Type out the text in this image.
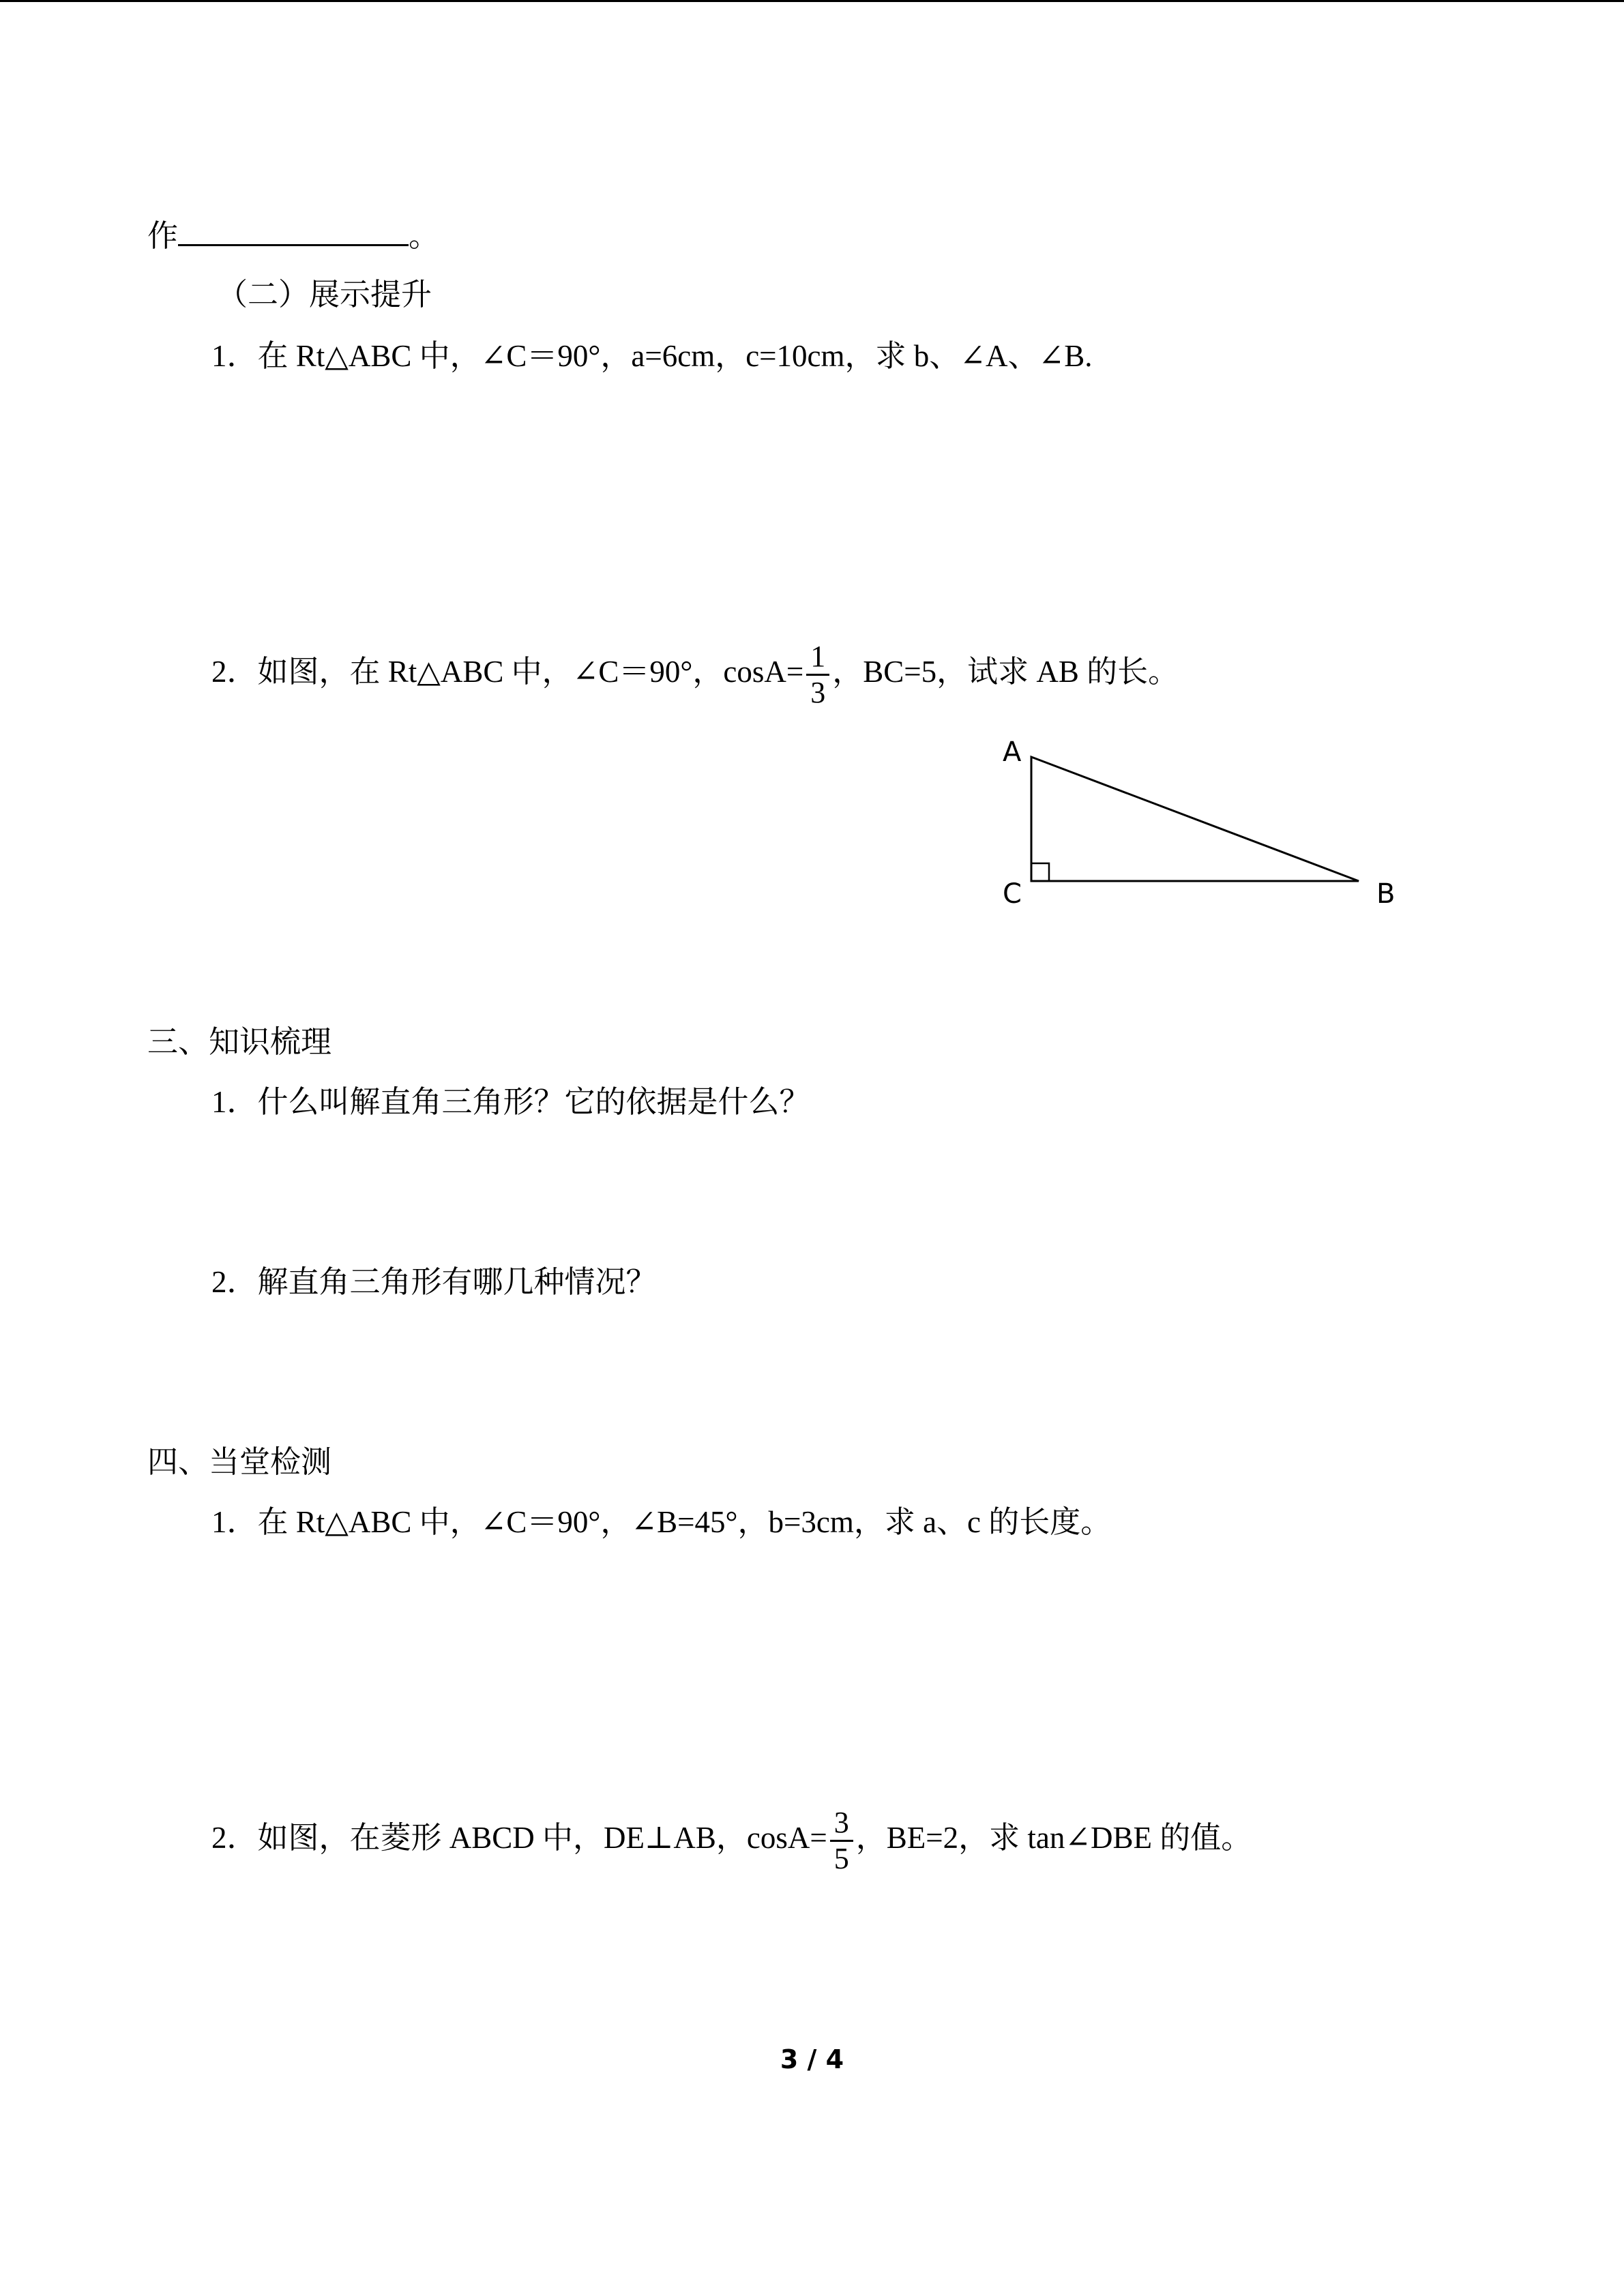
作	。
（二）展示提升
1．在 Rt△ABC 中，∠C＝90°，a=6cm，c=10cm，求 b、∠A、∠B.
2．如图，在 Rt△ABC 中，∠C＝90°，$\cos A= \frac{1}{3}$ ，BC=5，试求 AB 的长。
A
C	B
三、知识梳理
1．什么叫解直角三角形？它的依据是什么？
2．解直角三角形有哪几种情况？
四、当堂检测
1．在 Rt△ABC 中，∠C＝90°，∠B=45°，b=3cm，求 a、c 的长度。
2．如图，在菱形 ABCD 中，DE⊥AB，$\cos A= \frac{3}{5}$ ，BE=2，求 tan∠DBE 的值。
3 / 4
